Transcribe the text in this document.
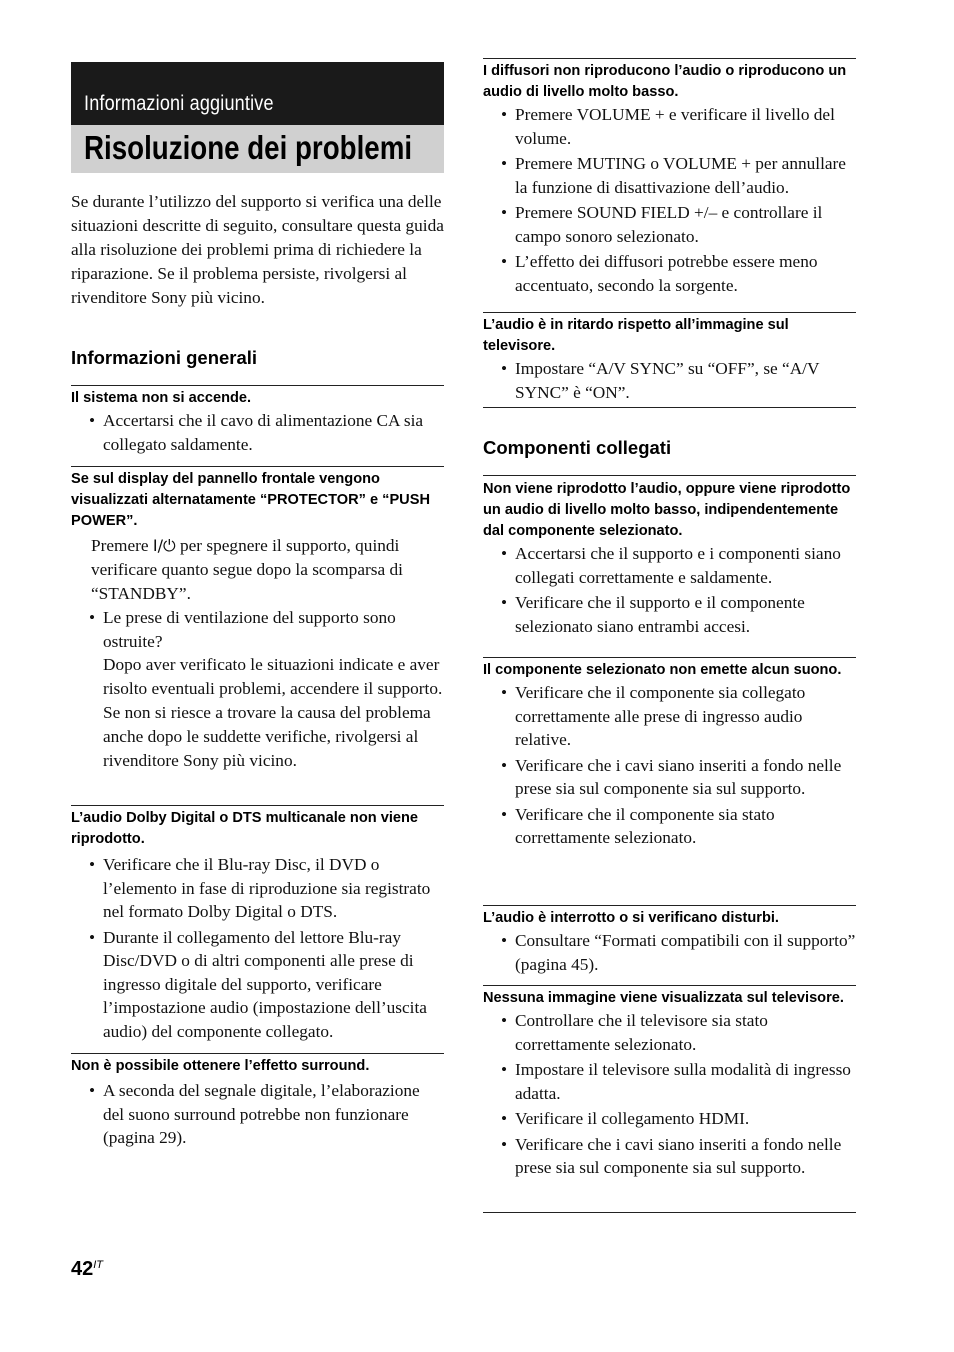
Informazioni aggiuntive
Risoluzione dei problemi
Se durante l’utilizzo del supporto si verifica una delle situazioni descritte di seguito, consultare questa guida alla risoluzione dei problemi prima di richiedere la riparazione. Se il problema persiste, rivolgersi al rivenditore Sony più vicino.
Informazioni generali
Il sistema non si accende.
• Accertarsi che il cavo di alimentazione CA sia collegato saldamente.
Se sul display del pannello frontale vengono visualizzati alternatamente “PROTECTOR” e “PUSH POWER”.
Premere I/⏻ per spegnere il supporto, quindi verificare quanto segue dopo la scomparsa di “STANDBY”.
• Le prese di ventilazione del supporto sono ostruite?
Dopo aver verificato le situazioni indicate e aver risolto eventuali problemi, accendere il supporto. Se non si riesce a trovare la causa del problema anche dopo le suddette verifiche, rivolgersi al rivenditore Sony più vicino.
L’audio Dolby Digital o DTS multicanale non viene riprodotto.
• Verificare che il Blu-ray Disc, il DVD o l’elemento in fase di riproduzione sia registrato nel formato Dolby Digital o DTS.
• Durante il collegamento del lettore Blu-ray Disc/DVD o di altri componenti alle prese di ingresso digitale del supporto, verificare l’impostazione audio (impostazione dell’uscita audio) del componente collegato.
Non è possibile ottenere l’effetto surround.
• A seconda del segnale digitale, l’elaborazione del suono surround potrebbe non funzionare (pagina 29).
I diffusori non riproducono l’audio o riproducono un audio di livello molto basso.
• Premere VOLUME + e verificare il livello del volume.
• Premere MUTING o VOLUME + per annullare la funzione di disattivazione dell’audio.
• Premere SOUND FIELD +/– e controllare il campo sonoro selezionato.
• L’effetto dei diffusori potrebbe essere meno accentuato, secondo la sorgente.
L’audio è in ritardo rispetto all’immagine sul televisore.
• Impostare “A/V SYNC” su “OFF”, se “A/V SYNC” è “ON”.
Componenti collegati
Non viene riprodotto l’audio, oppure viene riprodotto un audio di livello molto basso, indipendentemente dal componente selezionato.
• Accertarsi che il supporto e i componenti siano collegati correttamente e saldamente.
• Verificare che il supporto e il componente selezionato siano entrambi accesi.
Il componente selezionato non emette alcun suono.
• Verificare che il componente sia collegato correttamente alle prese di ingresso audio relative.
• Verificare che i cavi siano inseriti a fondo nelle prese sia sul componente sia sul supporto.
• Verificare che il componente sia stato correttamente selezionato.
L’audio è interrotto o si verificano disturbi.
• Consultare “Formati compatibili con il supporto” (pagina 45).
Nessuna immagine viene visualizzata sul televisore.
• Controllare che il televisore sia stato correttamente selezionato.
• Impostare il televisore sulla modalità di ingresso adatta.
• Verificare il collegamento HDMI.
• Verificare che i cavi siano inseriti a fondo nelle prese sia sul componente sia sul supporto.
$42^{IT}$
